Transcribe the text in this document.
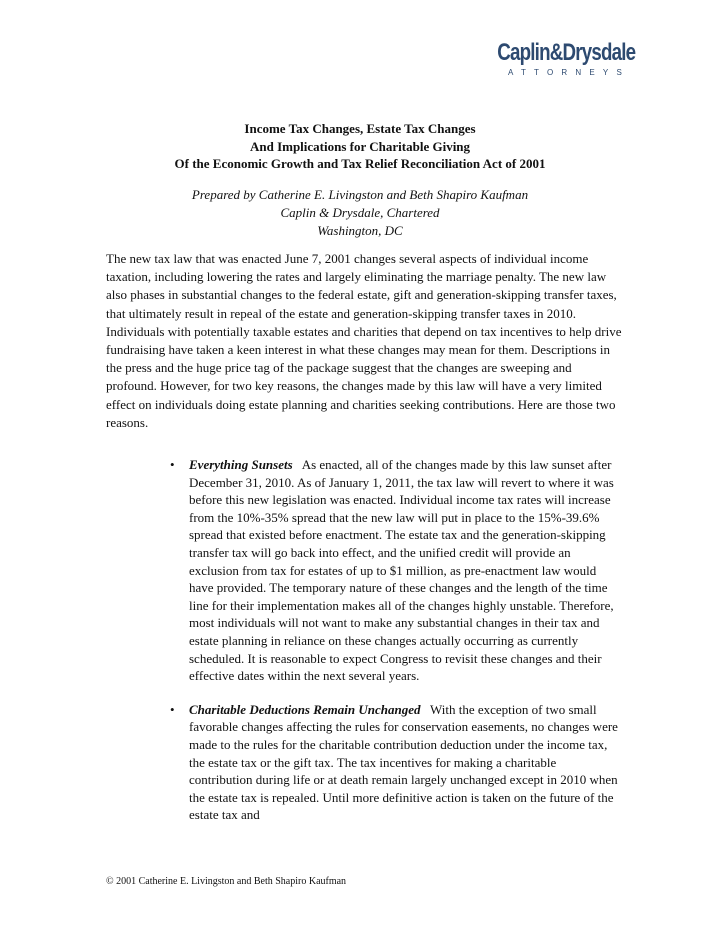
Caplin&Drysdale
ATTORNEYS
Income Tax Changes, Estate Tax Changes
And Implications for Charitable Giving
Of the Economic Growth and Tax Relief Reconciliation Act of 2001
Prepared by Catherine E. Livingston and Beth Shapiro Kaufman
Caplin & Drysdale, Chartered
Washington, DC

The new tax law that was enacted June 7, 2001 changes several aspects of individual income taxation, including lowering the rates and largely eliminating the marriage penalty. The new law also phases in substantial changes to the federal estate, gift and generation-skipping transfer taxes, that ultimately result in repeal of the estate and generation-skipping transfer taxes in 2010. Individuals with potentially taxable estates and charities that depend on tax incentives to help drive fundraising have taken a keen interest in what these changes may mean for them. Descriptions in the press and the huge price tag of the package suggest that the changes are sweeping and profound. However, for two key reasons, the changes made by this law will have a very limited effect on individuals doing estate planning and charities seeking contributions. Here are those two reasons.

• Everything Sunsets As enacted, all of the changes made by this law sunset after December 31, 2010. As of January 1, 2011, the tax law will revert to where it was before this new legislation was enacted. Individual income tax rates will increase from the 10%-35% spread that the new law will put in place to the 15%-39.6% spread that existed before enactment. The estate tax and the generation-skipping transfer tax will go back into effect, and the unified credit will provide an exclusion from tax for estates of up to $1 million, as pre-enactment law would have provided. The temporary nature of these changes and the length of the time line for their implementation makes all of the changes highly unstable. Therefore, most individuals will not want to make any substantial changes in their tax and estate planning in reliance on these changes actually occurring as currently scheduled. It is reasonable to expect Congress to revisit these changes and their effective dates within the next several years.
• Charitable Deductions Remain Unchanged With the exception of two small favorable changes affecting the rules for conservation easements, no changes were made to the rules for the charitable contribution deduction under the income tax, the estate tax or the gift tax. The tax incentives for making a charitable contribution during life or at death remain largely unchanged except in 2010 when the estate tax is repealed. Until more definitive action is taken on the future of the estate tax and
© 2001 Catherine E. Livingston and Beth Shapiro Kaufman
